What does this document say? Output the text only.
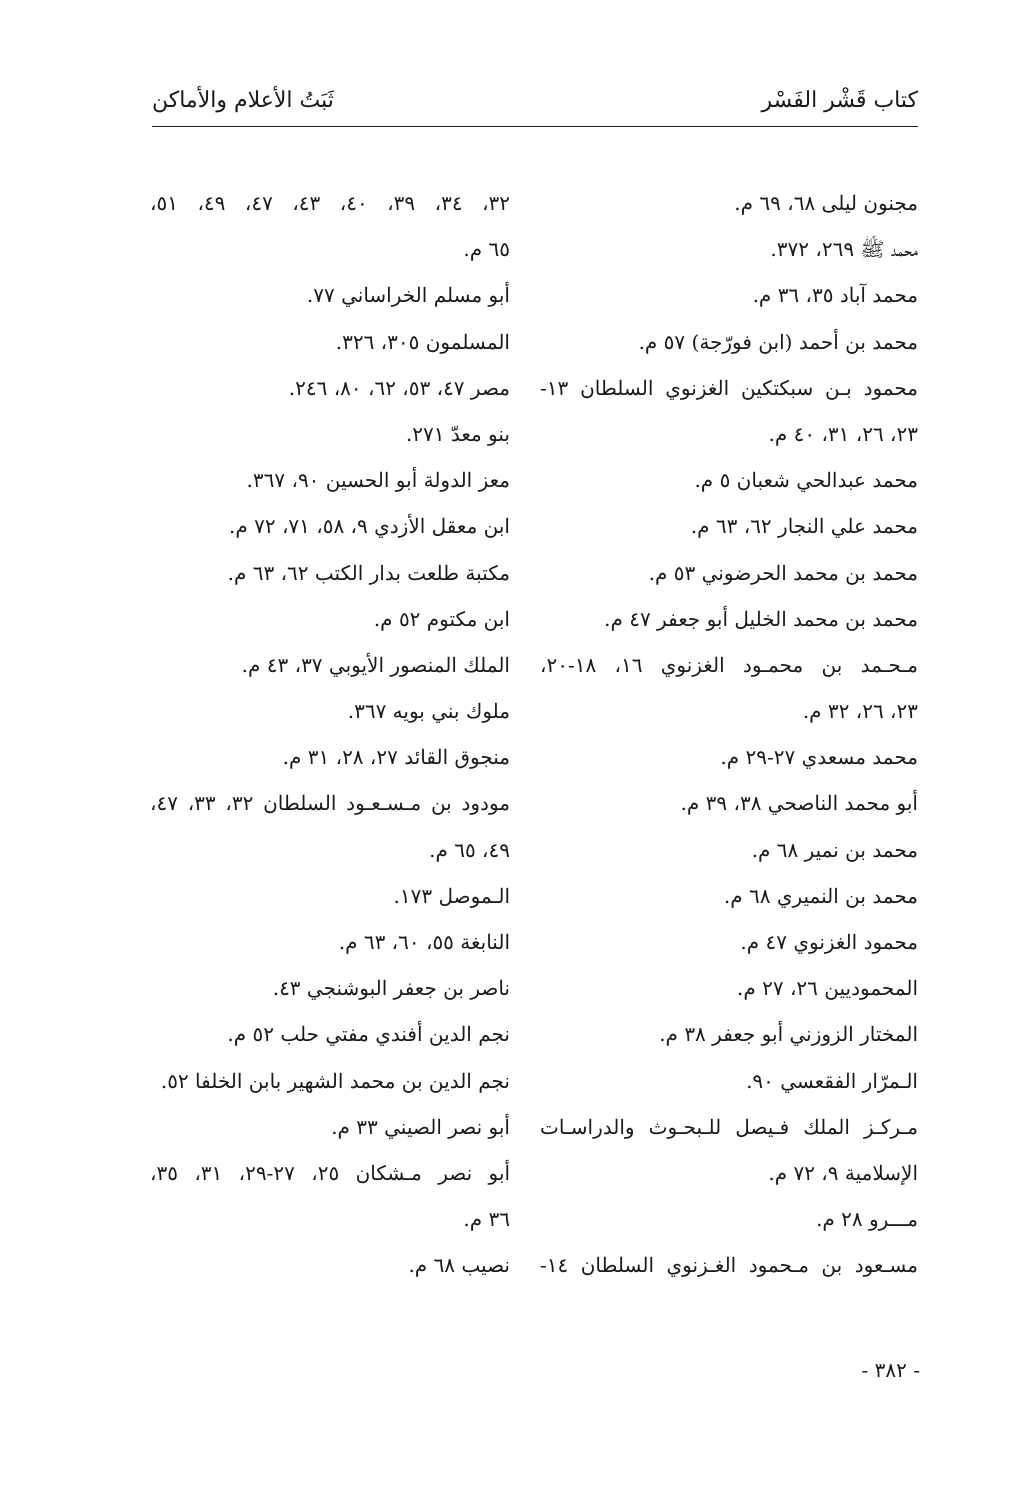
كتاب قَشْر الفَسْر
ثَبَتُ الأعلام والأماكن
مجنون ليلى ٦٨، ٦٩ م.
محمد ﷺ ٢٦٩، ٣٧٢.
محمد آباد ٣٥، ٣٦ م.
محمد بن أحمد (ابن فورّجة) ٥٧ م.
محمود بـن سبكتكين الغزنوي السلطان ١٣-
٢٣، ٢٦، ٣١، ٤٠ م.
محمد عبدالحي شعبان ٥ م.
محمد علي النجار ٦٢، ٦٣ م.
محمد بن محمد الحرضوني ٥٣ م.
محمد بن محمد الخليل أبو جعفر ٤٧ م.
مـحـمد بن محمـود الغزنوي ١٦، ١٨-٢٠،
٢٣، ٢٦، ٣٢ م.
محمد مسعدي ٢٧-٢٩ م.
أبو محمد الناصحي ٣٨، ٣٩ م.
محمد بن نمير ٦٨ م.
محمد بن النميري ٦٨ م.
محمود الغزنوي ٤٧ م.
المحموديين ٢٦، ٢٧ م.
المختار الزوزني أبو جعفر ٣٨ م.
الـمرّار الفقعسي ٩٠.
مـركـز الملك فـيصل للـبحـوث والدراسـات
الإسلامية ٩، ٧٢ م.
مـــرو ٢٨ م.
مسـعود بن مـحمود الغـزنوي السلطان ١٤-
٣٢، ٣٤، ٣٩، ٤٠، ٤٣، ٤٧، ٤٩، ٥١،
٦٥ م.
أبو مسلم الخراساني ٧٧.
المسلمون ٣٠٥، ٣٢٦.
مصر ٤٧، ٥٣، ٦٢، ٨٠، ٢٤٦.
بنو معدّ ٢٧١.
معز الدولة أبو الحسين ٩٠، ٣٦٧.
ابن معقل الأزدي ٩، ٥٨، ٧١، ٧٢ م.
مكتبة طلعت بدار الكتب ٦٢، ٦٣ م.
ابن مكتوم ٥٢ م.
الملك المنصور الأيوبي ٣٧، ٤٣ م.
ملوك بني بويه ٣٦٧.
منجوق القائد ٢٧، ٢٨، ٣١ م.
مودود بن مـسـعـود السلطان ٣٢، ٣٣، ٤٧،
٤٩، ٦٥ م.
الـموصل ١٧٣.
النابغة ٥٥، ٦٠، ٦٣ م.
ناصر بن جعفر البوشنجي ٤٣.
نجم الدين أفندي مفتي حلب ٥٢ م.
نجم الدين بن محمد الشهير بابن الخلفا ٥٢.
أبو نصر الصيني ٣٣ م.
أبو نصر مـشكان ٢٥، ٢٧-٢٩، ٣١، ٣٥،
٣٦ م.
نصيب ٦٨ م.
- ٣٨٢ -
